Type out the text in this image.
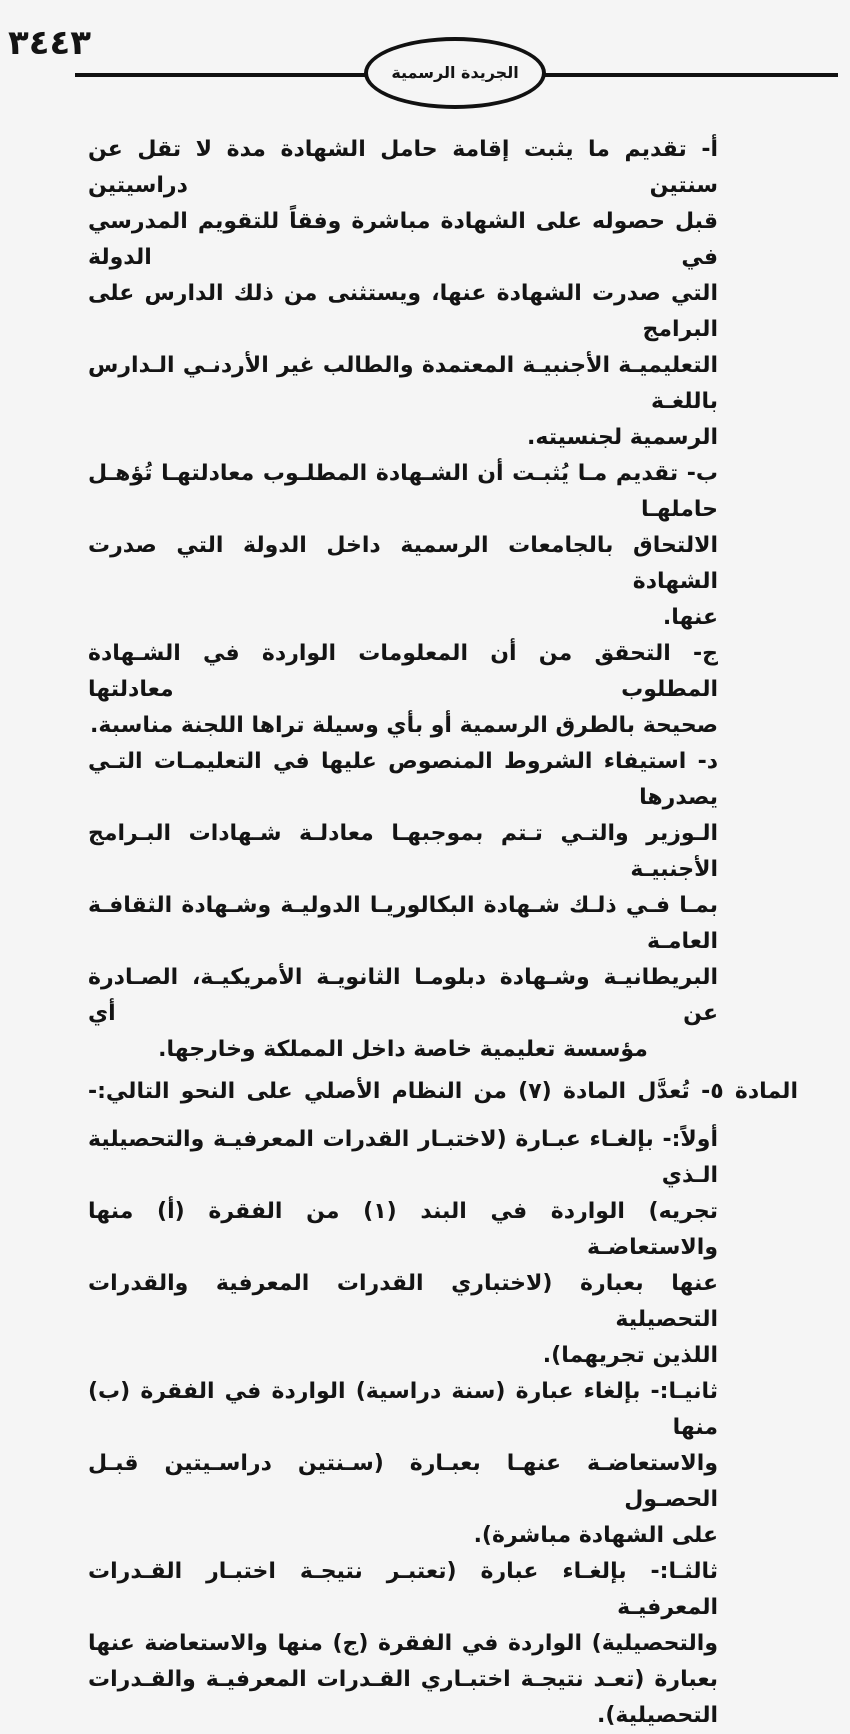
٣٤٤٣
الجريدة الرسمية
أ- تقديم ما يثبت إقامة حامل الشهادة مدة لا تقل عن سنتين دراسيتين
قبل حصوله على الشهادة مباشرة وفقاً للتقويم المدرسي في الدولة
التي صدرت الشهادة عنها، ويستثنى من ذلك الدارس على البرامج
التعليميـة الأجنبيـة المعتمدة والطالب غير الأردنـي الـدارس باللغـة
الرسمية لجنسيته.
ب- تقديم مـا يُثبـت أن الشـهادة المطلـوب معادلتهـا تُؤهـل حاملهـا
الالتحاق بالجامعات الرسمية داخل الدولة التي صدرت الشهادة
عنها.
ج- التحقق من أن المعلومات الواردة في الشـهادة المطلوب معادلتها
صحيحة بالطرق الرسمية أو بأي وسيلة تراها اللجنة مناسبة.
د- استيفاء الشروط المنصوص عليها في التعليمـات التـي يصدرها
الـوزير والتـي تـتم بموجبهـا معادلـة شـهادات البـرامج الأجنبيـة
بمـا فـي ذلـك شـهادة البكالوريـا الدوليـة وشـهادة الثقافـة العامـة
البريطانيـة وشـهادة دبلومـا الثانويـة الأمريكيـة، الصـادرة عن أي
مؤسسة تعليمية خاصة داخل المملكة وخارجها.
المادة ٥- تُعدَّل المادة (٧) من النظام الأصلي على النحو التالي:-
أولاً:- بإلغـاء عبـارة (لاختبـار القدرات المعرفيـة والتحصيلية الـذي
تجريه) الواردة في البند (١) من الفقرة (أ) منها والاستعاضـة
عنها بعبارة (لاختباري القدرات المعرفية والقدرات التحصيلية
اللذين تجريهما).
ثانيـا:- بإلغاء عبارة (سنة دراسية) الواردة في الفقرة (ب) منها
والاستعاضـة عنهـا بعبـارة (سـنتين دراسـيتين قبـل الحصـول
على الشهادة مباشرة).
ثالثـا:- بإلغـاء عبارة (تعتبـر نتيجـة اختبـار القـدرات المعرفيـة
والتحصيلية) الواردة في الفقرة (ج) منها والاستعاضة عنها
بعبارة (تعـد نتيجـة اختبـاري القـدرات المعرفيـة والقـدرات
التحصيلية).
